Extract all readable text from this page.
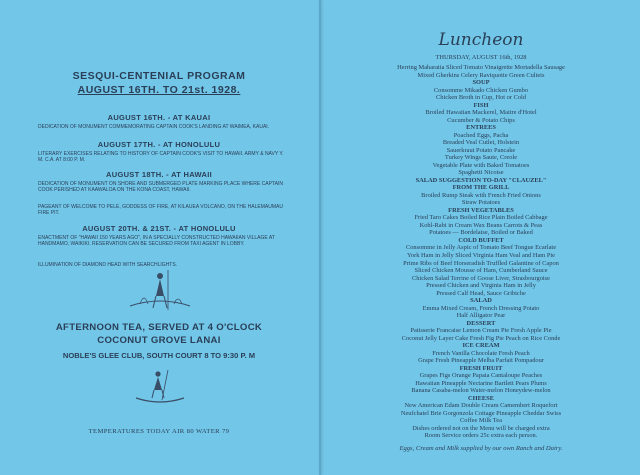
SESQUI-CENTENIAL PROGRAM
AUGUST 16TH. TO 21st. 1928.
AUGUST 16TH. - AT KAUAI
DEDICATION OF MONUMENT COMMEMORATING CAPTAIN COOK'S LANDING AT WAIMEA, KAUAI.
AUGUST 17TH. - AT HONOLULU
LITERARY EXERCISES RELATING TO HISTORY OF CAPTAIN COOK'S VISIT TO HAWAII. ARMY & NAVY Y. M. C.A. AT 8:00 P. M.
AUGUST 18TH. - AT HAWAII
DEDICATION OF MONUMENT ON SHORE AND SUBMERGED PLATE MARKING PLACE WHERE CAPTAIN COOK PERISHED AT KAAWALOA ON THE KONA COAST, HAWAII.
PAGEANT OF WELCOME TO PELE, GODDESS OF FIRE, AT KILAUEA VOLCANO, ON THE HALEMAUMAU FIRE PIT.
AUGUST 20TH. & 21ST. - AT HONOLULU
ENACTMENT OF "HAWAII 150 YEARS AGO", IN A SPECIALLY CONSTRUCTED HAWAIIAN VILLAGE AT HANDMAMO, WAIKIKI. RESERVATION CAN BE SECURED FROM TAXI AGENT IN LOBBY.
ILLUMINATION OF DIAMOND HEAD WITH SEARCHLIGHTS.
AFTERNOON TEA, SERVED AT 4 O'CLOCK
COCONUT GROVE LANAI
NOBLE'S GLEE CLUB, SOUTH COURT 8 TO 9:30 P. M
TEMPERATURES TODAY AIR 80 WATER 79
Luncheon
THURSDAY, AUGUST 16th, 1928
Herring Maharatia Sliced Tomato Vinaigrette Mortadella Sausage
Mixed Gherkins Celery Raviquotte Green Culteis
SOUP
Consomme Mikado Chicken Gumbo
Chicken Broth in Cup, Hot or Cold
FISH
Broiled Hawaiian Mackerel, Maitre d'Hotel
Cucumber & Potato Chips
ENTREES
Poached Eggs, Pacha
Breaded Veal Cutlet, Holstein
Sauerkraut Potato Pancake
Turkey Wings Saute, Creole
Vegetable Plate with Baked Tomatoes
Spaghetti Nicoise
SALAD SUGGESTION TO-DAY "CLAUZEL"
FROM THE GRILL
Broiled Rump Steak with French Fried Onions
Straw Potatoes
FRESH VEGETABLES
Fried Taro Cakes Boiled Rice Plain Boiled Cabbage
Kohl-Rabi in Cream Wax Beans Carrots & Peas
Potatoes — Bordelaise, Boiled or Baked
COLD BUFFET
Consomme in Jelly Aspic of Tomato Beef Tongue Ecarlate
York Ham in Jelly Sliced Virginia Ham Veal and Ham Pie
Prime Ribs of Beef Horseradish Truffled Galantine of Capon
Sliced Chicken Mousse of Ham, Cumberland Sauce
Chicken Salad Terrine of Goose Liver, Strasbourgoise
Pressed Chicken and Virginia Ham in Jelly
Pressed Calf Head, Sauce Gribiche
SALAD
Emma Mixed Cream, French Dressing Potato
Half Alligator Pear
DESSERT
Patisserie Francaise Lemon Cream Pie Fresh Apple Pie
Coconut Jelly Layer Cake Fresh Fig Pie Peach on Rice Conde
ICE CREAM
French Vanilla Chocolate Fresh Peach
Grape Fresh Pineapple Melba Parfait Pompadour
FRESH FRUIT
Grapes Figs Orange Papaia Cantaloupe Peaches
Hawaiian Pineapple Nectarine Bartlett Pears Plums
Banana Casaba-melon Water-melon Honeydew-melon
CHEESE
New American Edam Double Cream Camembert Roquefort
Neufchatel Brie Gorgonzola Cottage Pineapple Cheddar Swiss
Coffee Milk Tea
Dishes ordered not on the Menu will be charged extra
Room Service orders 25c extra each person.
Eggs, Cream and Milk supplied by our own Ranch and Dairy.
